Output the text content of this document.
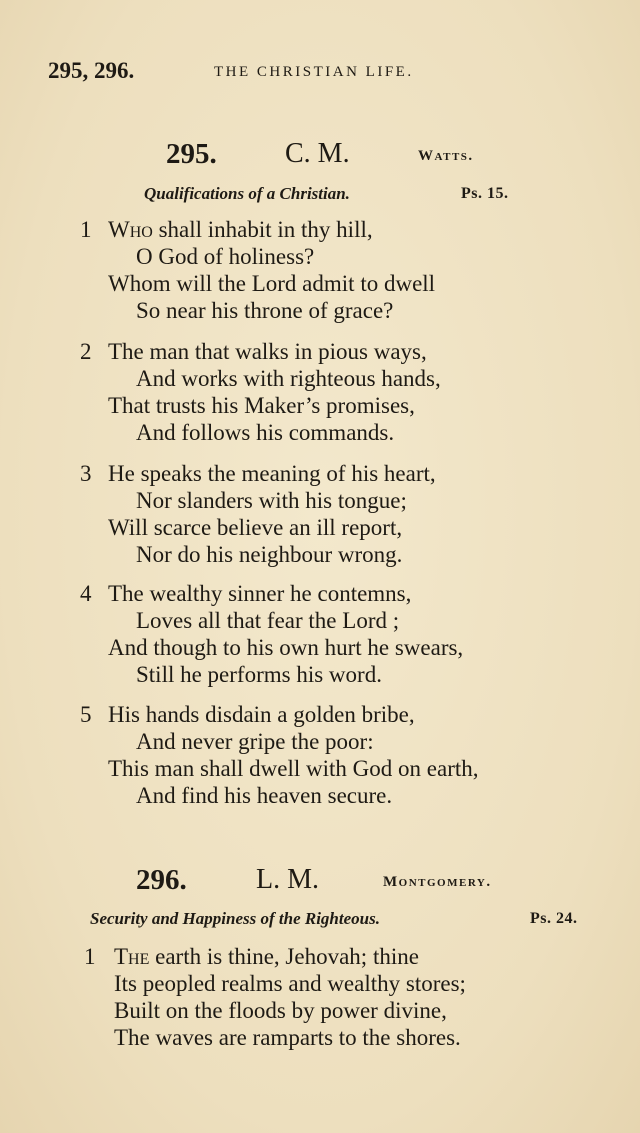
295, 296.	THE CHRISTIAN LIFE.
295. C. M.	Watts.
Qualifications of a Christian.	Ps. 15.
1 Who shall inhabit in thy hill,
O God of holiness?
Whom will the Lord admit to dwell
So near his throne of grace?
2 The man that walks in pious ways,
And works with righteous hands,
That trusts his Maker’s promises,
And follows his commands.
3 He speaks the meaning of his heart,
Nor slanders with his tongue;
Will scarce believe an ill report,
Nor do his neighbour wrong.
4 The wealthy sinner he contemns,
Loves all that fear the Lord ;
And though to his own hurt he swears,
Still he performs his word.
5 His hands disdain a golden bribe,
And never gripe the poor:
This man shall dwell with God on earth,
And find his heaven secure.
296. L. M.	Montgomery.
Security and Happiness of the Righteous.	Ps. 24.
1 The earth is thine, Jehovah; thine
Its peopled realms and wealthy stores;
Built on the floods by power divine,
The waves are ramparts to the shores.
